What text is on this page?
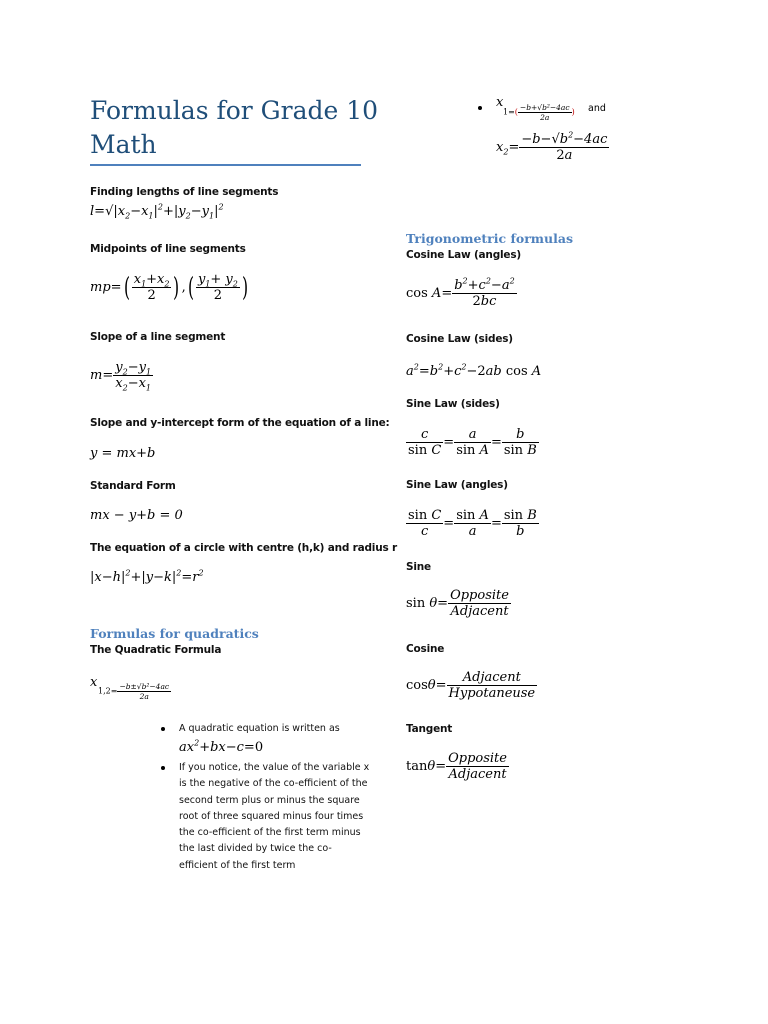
Formulas for Grade 10 Math
Finding lengths of line segments
$l=√|x_2-x_1|^2+|y_2-y_1|^2$
Midpoints of line segments
$mp=( \frac{x_1+x_2}{2}$ ) ,( $\frac{y_1+ y_2}{2}$ )
Slope of a line segment
$m= \frac{y_2-y_1}{x_2-x_1}$
Slope and y-intercept form of the equation of a line:
y = mx+b
Standard Form
mx − y+b = 0
The equation of a circle with centre (h,k) and radius r
$|x-h|^2+|y-k|^2=r^2$
Formulas for quadratics
The Quadratic Formula
x
$1,2= \frac{\text{−b±√b²−4ac}}{2a}$
A quadratic equation is written as
$ax^2+bx-c=0$
If you notice, the value of the variable x
is the negative of the co-efficient of the
second term plus or minus the square
root of three squared minus four times
the co-efficient of the first term minus
the last divided by twice the co-
efficient of the first term
x
$1=( \frac{\text{−b+√b²−4ac}}{2a}$ ) and
$x_2= \frac{-b-√b^2-4ac}{2a}$
Trigonometric formulas
Cosine Law (angles)
$\cos A= \frac{b^2+c^2-a^2}{2bc}$
Cosine Law (sides)
$a^2=b^2+c^2-2ab$ cos A
Sine Law (sides)
$\frac{c}{\text{sin C}} = \frac{a}{\text{sin A}} = \frac{b}{\text{sin B}}$
Sine Law (angles)
$\frac{\text{sin C}}{c} = \frac{\text{sin A}}{a} = \frac{\text{sin B}}{b}$
Sine
$\sin \theta= \frac{\text{Opposite}}{\text{Adjacent}}$
Cosine
$\cos\theta= \frac{\text{Adjacent}}{\text{Hypotaneuse}}$
Tangent
$\tan\theta= \frac{\text{Opposite}}{\text{Adjacent}}$
